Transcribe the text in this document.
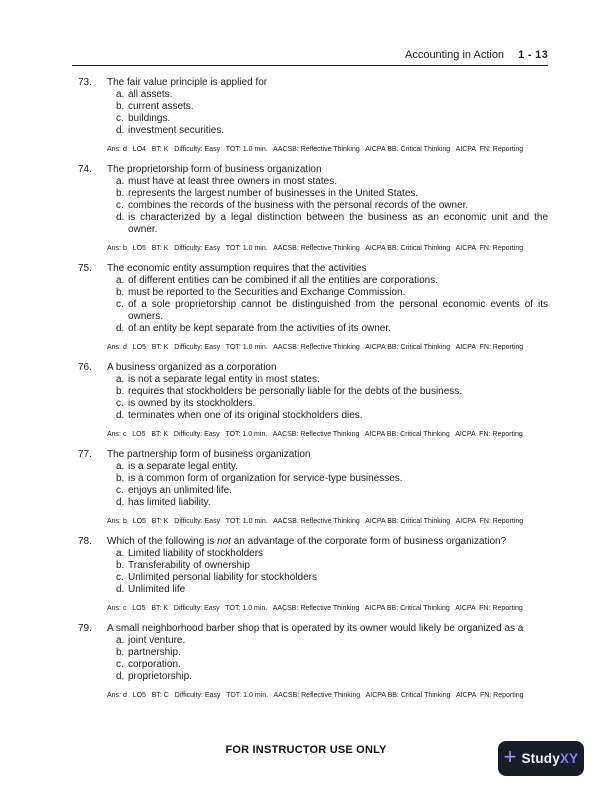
Accounting in Action 1 - 13
73.	The fair value principle is applied for
a. all assets.
b. current assets.
c. buildings.
d. investment securities.
Ans: d   LO4   BT: K   Difficulty: Easy   TOT: 1.0 min.   AACSB: Reflective Thinking   AICPA BB: Critical Thinking   AICPA  FN: Reporting
74.	The proprietorship form of business organization
a. must have at least three owners in most states.
b. represents the largest number of businesses in the United States.
c. combines the records of the business with the personal records of the owner.
d. is characterized by a legal distinction between the business as an economic unit and the owner.
Ans: b   LO5   BT: K   Difficulty: Easy   TOT: 1.0 min.   AACSB: Reflective Thinking   AICPA BB: Critical Thinking   AICPA  FN: Reporting
75.	The economic entity assumption requires that the activities
a. of different entities can be combined if all the entities are corporations.
b. must be reported to the Securities and Exchange Commission.
c. of a sole proprietorship cannot be distinguished from the personal economic events of its owners.
d. of an entity be kept separate from the activities of its owner.
Ans: d   LO5   BT: K   Difficulty: Easy   TOT: 1.0 min.   AACSB: Reflective Thinking   AICPA BB: Critical Thinking   AICPA  FN: Reporting
76.	A business organized as a corporation
a. is not a separate legal entity in most states.
b. requires that stockholders be personally liable for the debts of the business.
c. is owned by its stockholders.
d. terminates when one of its original stockholders dies.
Ans: c   LO5   BT: K   Difficulty: Easy   TOT: 1.0 min.   AACSB: Reflective Thinking   AICPA BB: Critical Thinking   AICPA  FN: Reporting
77.	The partnership form of business organization
a. is a separate legal entity.
b. is a common form of organization for service-type businesses.
c. enjoys an unlimited life.
d. has limited liability.
Ans: b   LO5   BT: K   Difficulty: Easy   TOT: 1.0 min.   AACSB: Reflective Thinking   AICPA BB: Critical Thinking   AICPA  FN: Reporting
78.	Which of the following is not an advantage of the corporate form of business organization?
a. Limited liability of stockholders
b. Transferability of ownership
c. Unlimited personal liability for stockholders
d. Unlimited life
Ans: c   LO5   BT: K   Difficulty: Easy   TOT: 1.0 min.   AACSB: Reflective Thinking   AICPA BB: Critical Thinking   AICPA  FN: Reporting
79.	A small neighborhood barber shop that is operated by its owner would likely be organized as a
a. joint venture.
b. partnership.
c. corporation.
d. proprietorship.
Ans: d   LO5   BT: C   Difficulty: Easy   TOT: 1.0 min.   AACSB: Reflective Thinking   AICPA BB: Critical Thinking   AICPA  FN: Reporting
FOR INSTRUCTOR USE ONLY	+ StudyXY
